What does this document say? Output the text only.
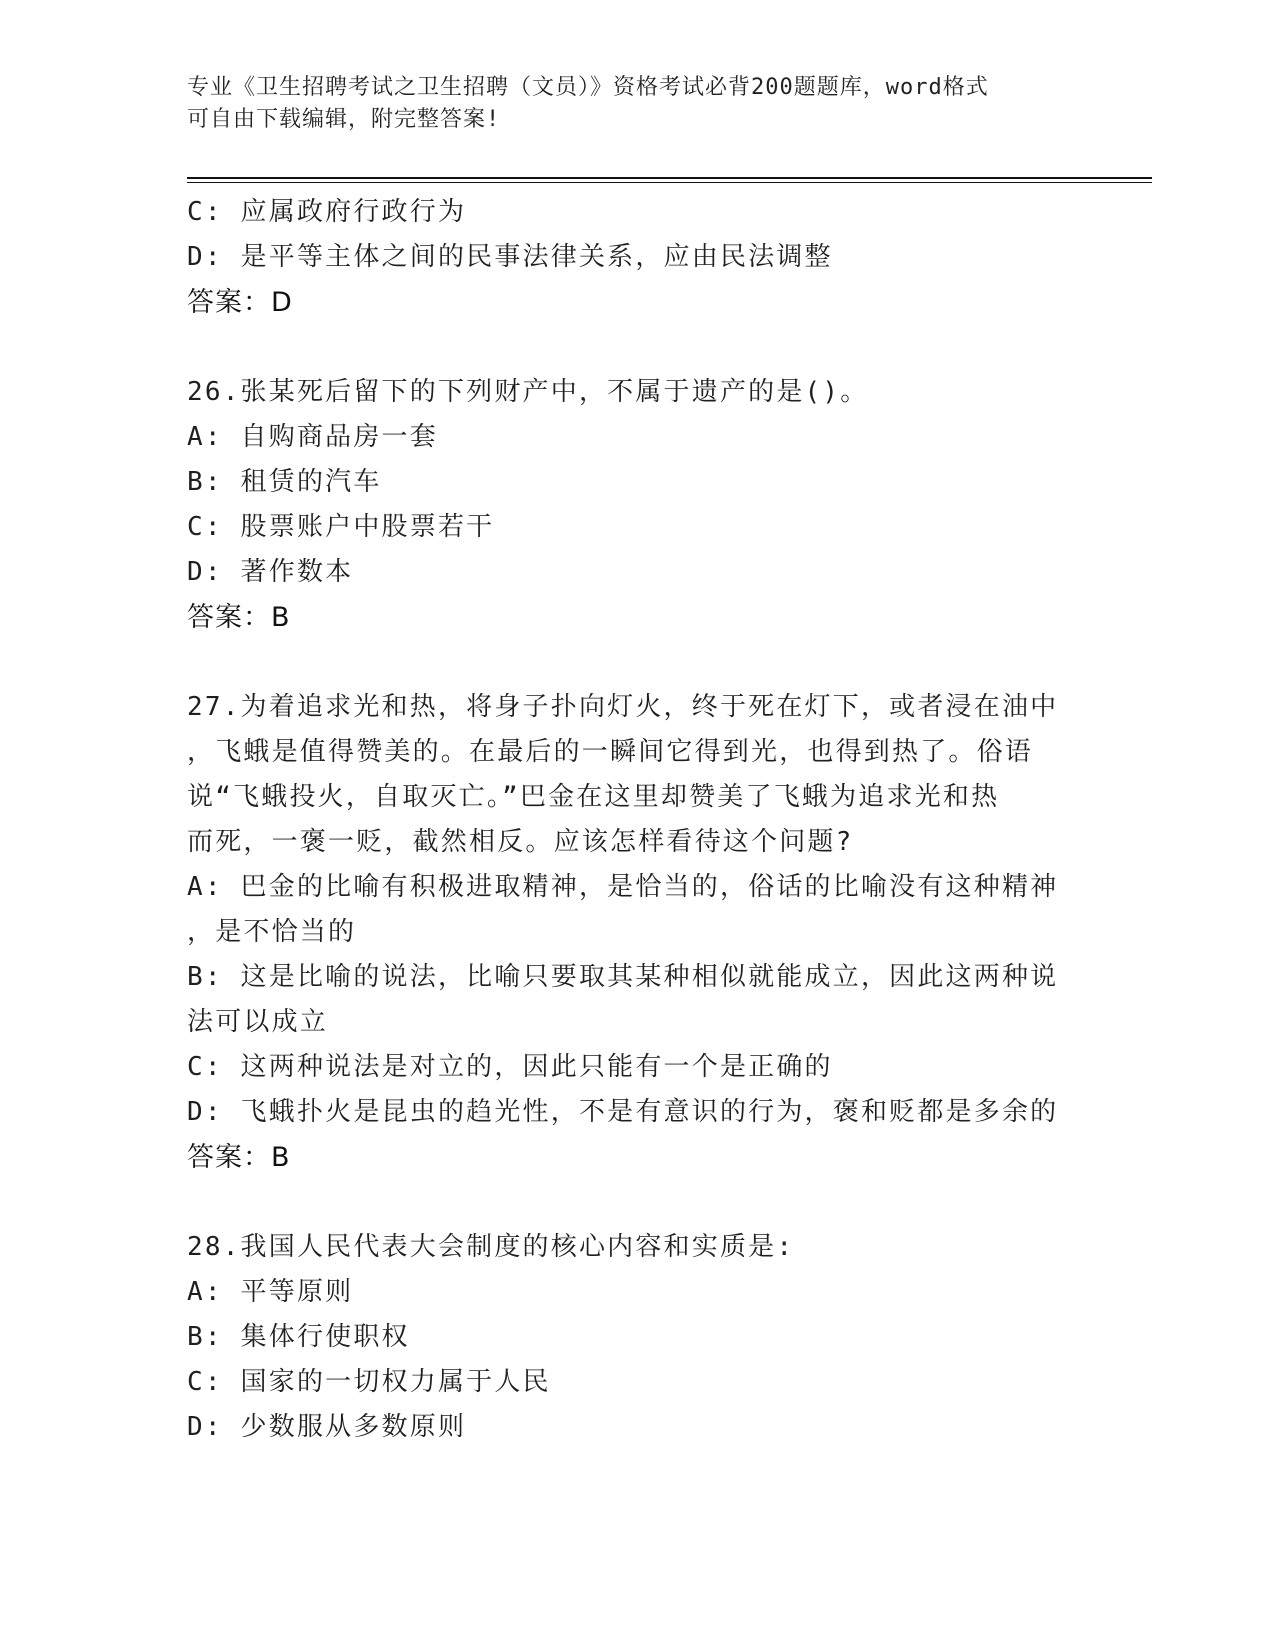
专业《卫生招聘考试之卫生招聘（文员）》资格考试必背200题题库，word格式
可自由下载编辑，附完整答案!
C: 应属政府行政行为
D: 是平等主体之间的民事法律关系，应由民法调整
答案：D
26.张某死后留下的下列财产中，不属于遗产的是()。
A: 自购商品房一套
B: 租赁的汽车
C: 股票账户中股票若干
D: 著作数本
答案：B
27.为着追求光和热，将身子扑向灯火，终于死在灯下，或者浸在油中
，飞蛾是值得赞美的。在最后的一瞬间它得到光，也得到热了。俗语
说“飞蛾投火，自取灭亡。”巴金在这里却赞美了飞蛾为追求光和热
而死，一褒一贬，截然相反。应该怎样看待这个问题?
A: 巴金的比喻有积极进取精神，是恰当的，俗话的比喻没有这种精神
，是不恰当的
B: 这是比喻的说法，比喻只要取其某种相似就能成立，因此这两种说
法可以成立
C: 这两种说法是对立的，因此只能有一个是正确的
D: 飞蛾扑火是昆虫的趋光性，不是有意识的行为，褒和贬都是多余的
答案：B
28.我国人民代表大会制度的核心内容和实质是:
A: 平等原则
B: 集体行使职权
C: 国家的一切权力属于人民
D: 少数服从多数原则
